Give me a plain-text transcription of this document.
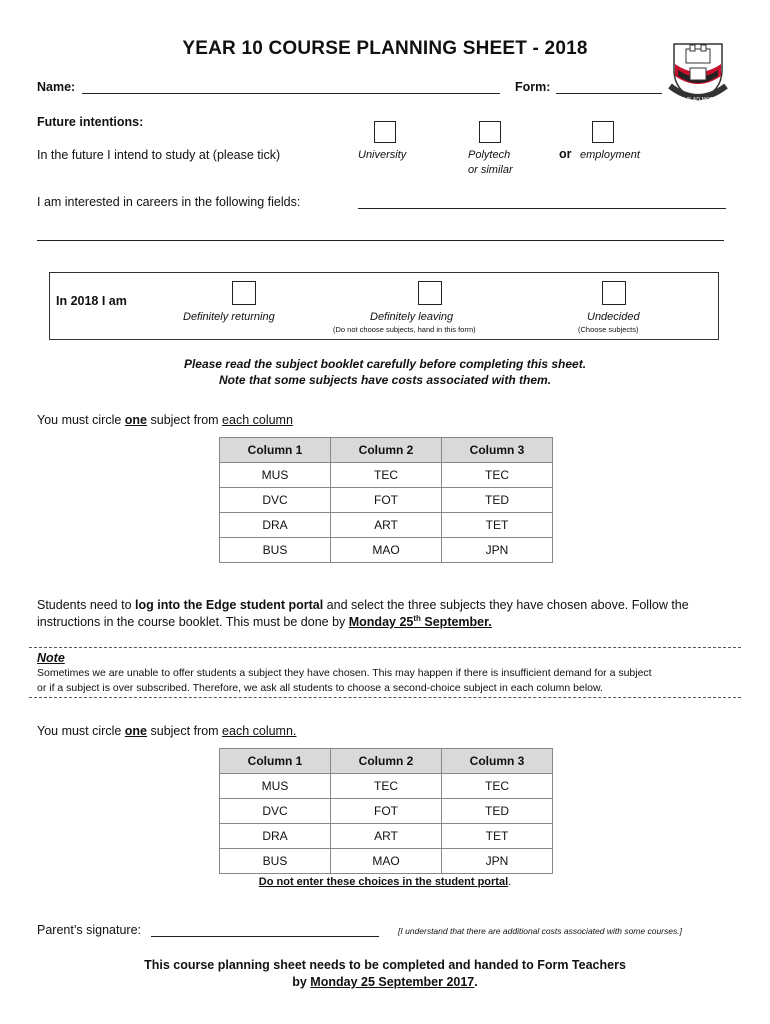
YEAR 10 COURSE PLANNING SHEET - 2018
FIDELIS AD MORTEM
Name:	Form:
Future intentions:
In the future I intend to study at (please tick)	University	Polytech
or similar
or employment
I am interested in careers in the following fields:
In 2018 I am
Definitely returning	Definitely leaving
(Do not choose subjects, hand in this form)
Undecided
(Choose subjects)
Please read the subject booklet carefully before completing this sheet.
Note that some subjects have costs associated with them.
You must circle one subject from each column
Column 1	Column 2	Column 3
MUS	TEC	TEC
DVC	FOT	TED
DRA	ART	TET
BUS	MAO	JPN
Students need to log into the Edge student portal and select the three subjects they have chosen above. Follow the
instructions in the course booklet. This must be done by Monday 25th September.
Note
Sometimes we are unable to offer students a subject they have chosen. This may happen if there is insufficient demand for a subject
or if a subject is over subscribed. Therefore, we ask all students to choose a second-choice subject in each column below.
You must circle one subject from each column.
Column 1	Column 2	Column 3
MUS	TEC	TEC
DVC	FOT	TED
DRA	ART	TET
BUS	MAO	JPN
Do not enter these choices in the student portal.
Parent’s signature:	[I understand that there are additional costs associated with some courses.]
This course planning sheet needs to be completed and handed to Form Teachers
by Monday 25 September 2017.
